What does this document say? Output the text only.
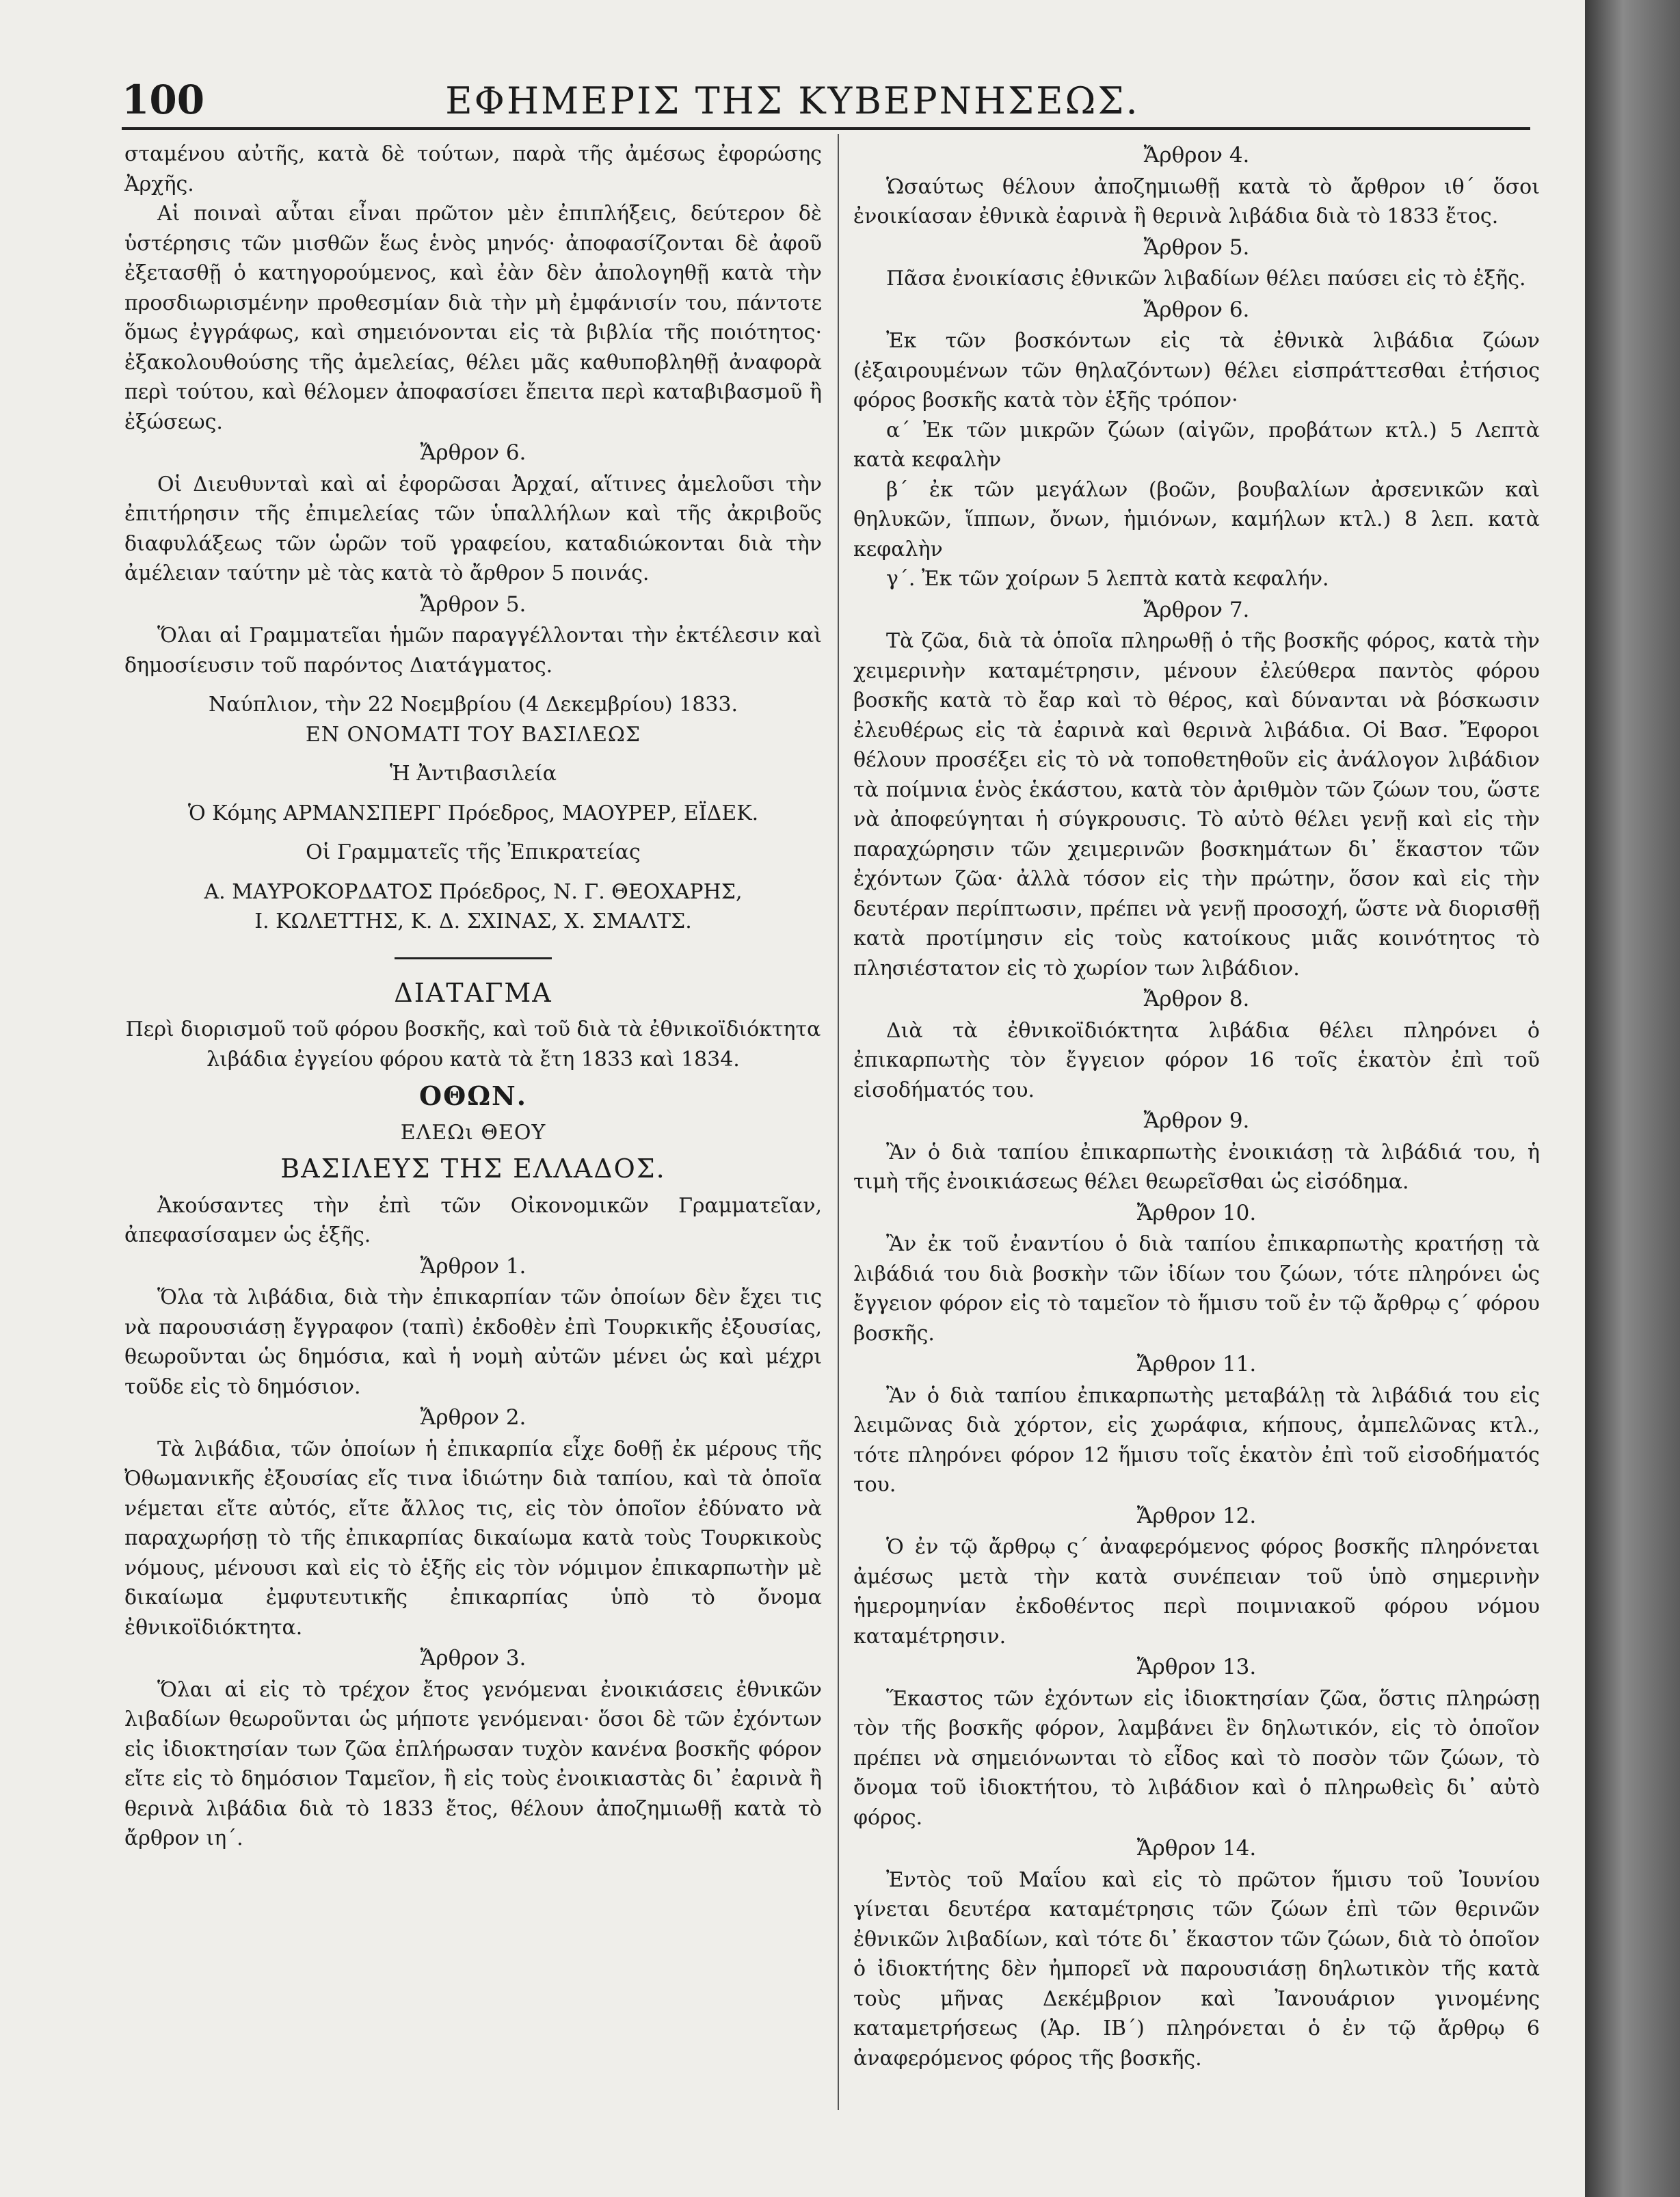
100	ΕΦΗΜΕΡΙΣ ΤΗΣ ΚΥΒΕΡΝΗΣΕΩΣ.

σταμένου αὐτῆς, κατὰ δὲ τούτων, παρὰ τῆς ἀμέσως ἐφορώσης Ἀρχῆς.

Αἱ ποιναὶ αὗται εἶναι πρῶτον μὲν ἐπιπλήξεις, δεύτερον δὲ ὑστέρησις τῶν μισθῶν ἕως ἑνὸς μηνός· ἀποφασίζονται δὲ ἀφοῦ ἐξετασθῇ ὁ κατηγορούμενος, καὶ ἐὰν δὲν ἀπολογηθῇ κατὰ τὴν προσδιωρισμένην προθεσμίαν διὰ τὴν μὴ ἐμφάνισίν του, πάντοτε ὅμως ἐγγράφως, καὶ σημειόνονται εἰς τὰ βιβλία τῆς ποιότητος· ἐξακολουθούσης τῆς ἀμελείας, θέλει μᾶς καθυποβληθῇ ἀναφορὰ περὶ τούτου, καὶ θέλομεν ἀποφασίσει ἔπειτα περὶ καταβιβασμοῦ ἢ ἐξώσεως.

Ἄρθρον 6.

Οἱ Διευθυνταὶ καὶ αἱ ἐφορῶσαι Ἀρχαί, αἵτινες ἀμελοῦσι τὴν ἐπιτήρησιν τῆς ἐπιμελείας τῶν ὑπαλλήλων καὶ τῆς ἀκριβοῦς διαφυλάξεως τῶν ὡρῶν τοῦ γραφείου, καταδιώκονται διὰ τὴν ἀμέλειαν ταύτην μὲ τὰς κατὰ τὸ ἄρθρον 5 ποινάς.

Ἄρθρον 5.

Ὅλαι αἱ Γραμματεῖαι ἡμῶν παραγγέλλονται τὴν ἐκτέλεσιν καὶ δημοσίευσιν τοῦ παρόντος Διατάγματος.

Ναύπλιον, τὴν 22 Νοεμβρίου (4 Δεκεμβρίου) 1833.

ΕΝ ΟΝΟΜΑΤΙ ΤΟΥ ΒΑΣΙΛΕΩΣ

Ἡ Ἀντιβασιλεία

Ὁ Κόμης ΑΡΜΑΝΣΠΕΡΓ Πρόεδρος, ΜΑΟΥΡΕΡ, ΕΪΔΕΚ.

Οἱ Γραμματεῖς τῆς Ἐπικρατείας

Α. ΜΑΥΡΟΚΟΡΔΑΤΟΣ Πρόεδρος, Ν. Γ. ΘΕΟΧΑΡΗΣ,

Ι. ΚΩΛΕΤΤΗΣ, Κ. Δ. ΣΧΙΝΑΣ, Χ. ΣΜΑΛΤΣ.

ΔΙΑΤΑΓΜΑ

Περὶ διορισμοῦ τοῦ φόρου βοσκῆς, καὶ τοῦ διὰ τὰ ἐθνικοϊδιόκτητα λιβάδια ἐγγείου φόρου κατὰ τὰ ἔτη 1833 καὶ 1834.

ΟΘΩΝ.

ΕΛΕΩι ΘΕΟΥ

ΒΑΣΙΛΕΥΣ ΤΗΣ ΕΛΛΑΔΟΣ.

Ἀκούσαντες τὴν ἐπὶ τῶν Οἰκονομικῶν Γραμματεῖαν, ἀπεφασίσαμεν ὡς ἑξῆς.

Ἄρθρον 1.

Ὅλα τὰ λιβάδια, διὰ τὴν ἐπικαρπίαν τῶν ὁποίων δὲν ἔχει τις νὰ παρουσιάσῃ ἔγγραφον (ταπὶ) ἐκδοθὲν ἐπὶ Τουρκικῆς ἐξουσίας, θεωροῦνται ὡς δημόσια, καὶ ἡ νομὴ αὐτῶν μένει ὡς καὶ μέχρι τοῦδε εἰς τὸ δημόσιον.

Ἄρθρον 2.

Τὰ λιβάδια, τῶν ὁποίων ἡ ἐπικαρπία εἶχε δοθῇ ἐκ μέρους τῆς Ὀθωμανικῆς ἐξουσίας εἴς τινα ἰδιώτην διὰ ταπίου, καὶ τὰ ὁποῖα νέμεται εἴτε αὐτός, εἴτε ἄλλος τις, εἰς τὸν ὁποῖον ἐδύνατο νὰ παραχωρήσῃ τὸ τῆς ἐπικαρπίας δικαίωμα κατὰ τοὺς Τουρκικοὺς νόμους, μένουσι καὶ εἰς τὸ ἑξῆς εἰς τὸν νόμιμον ἐπικαρπωτὴν μὲ δικαίωμα ἐμφυτευτικῆς ἐπικαρπίας ὑπὸ τὸ ὄνομα ἐθνικοϊδιόκτητα.

Ἄρθρον 3.

Ὅλαι αἱ εἰς τὸ τρέχον ἔτος γενόμεναι ἐνοικιάσεις ἐθνικῶν λιβαδίων θεωροῦνται ὡς μήποτε γενόμεναι· ὅσοι δὲ τῶν ἐχόντων εἰς ἰδιοκτησίαν των ζῶα ἐπλήρωσαν τυχὸν κανένα βοσκῆς φόρον εἴτε εἰς τὸ δημόσιον Ταμεῖον, ἢ εἰς τοὺς ἐνοικιαστὰς δι᾽ ἐαρινὰ ἢ θερινὰ λιβάδια διὰ τὸ 1833 ἔτος, θέλουν ἀποζημιωθῇ κατὰ τὸ ἄρθρον ιη΄.

Ἄρθρον 4.

Ὡσαύτως θέλουν ἀποζημιωθῇ κατὰ τὸ ἄρθρον ιθ΄ ὅσοι ἐνοικίασαν ἐθνικὰ ἐαρινὰ ἢ θερινὰ λιβάδια διὰ τὸ 1833 ἔτος.

Ἄρθρον 5.

Πᾶσα ἐνοικίασις ἐθνικῶν λιβαδίων θέλει παύσει εἰς τὸ ἑξῆς.

Ἄρθρον 6.

Ἐκ τῶν βοσκόντων εἰς τὰ ἐθνικὰ λιβάδια ζώων (ἐξαιρουμένων τῶν θηλαζόντων) θέλει εἰσπράττεσθαι ἐτήσιος φόρος βοσκῆς κατὰ τὸν ἑξῆς τρόπον·

α΄ Ἐκ τῶν μικρῶν ζώων (αἰγῶν, προβάτων κτλ.) 5 Λεπτὰ κατὰ κεφαλὴν

β΄ ἐκ τῶν μεγάλων (βοῶν, βουβαλίων ἀρσενικῶν καὶ θηλυκῶν, ἵππων, ὄνων, ἡμιόνων, καμήλων κτλ.) 8 λεπ. κατὰ κεφαλὴν

γ΄. Ἐκ τῶν χοίρων 5 λεπτὰ κατὰ κεφαλήν.

Ἄρθρον 7.

Τὰ ζῶα, διὰ τὰ ὁποῖα πληρωθῇ ὁ τῆς βοσκῆς φόρος, κατὰ τὴν χειμερινὴν καταμέτρησιν, μένουν ἐλεύθερα παντὸς φόρου βοσκῆς κατὰ τὸ ἔαρ καὶ τὸ θέρος, καὶ δύνανται νὰ βόσκωσιν ἐλευθέρως εἰς τὰ ἐαρινὰ καὶ θερινὰ λιβάδια. Οἱ Βασ. Ἔφοροι θέλουν προσέξει εἰς τὸ νὰ τοποθετηθοῦν εἰς ἀνάλογον λιβάδιον τὰ ποίμνια ἑνὸς ἑκάστου, κατὰ τὸν ἀριθμὸν τῶν ζώων του, ὥστε νὰ ἀποφεύγηται ἡ σύγκρουσις. Τὸ αὐτὸ θέλει γενῇ καὶ εἰς τὴν παραχώρησιν τῶν χειμερινῶν βοσκημάτων δι᾽ ἕκαστον τῶν ἐχόντων ζῶα· ἀλλὰ τόσον εἰς τὴν πρώτην, ὅσον καὶ εἰς τὴν δευτέραν περίπτωσιν, πρέπει νὰ γενῇ προσοχή, ὥστε νὰ διορισθῇ κατὰ προτίμησιν εἰς τοὺς κατοίκους μιᾶς κοινότητος τὸ πλησιέστατον εἰς τὸ χωρίον των λιβάδιον.

Ἄρθρον 8.

Διὰ τὰ ἐθνικοϊδιόκτητα λιβάδια θέλει πληρόνει ὁ ἐπικαρπωτὴς τὸν ἔγγειον φόρον 16 τοῖς ἑκατὸν ἐπὶ τοῦ εἰσοδήματός του.

Ἄρθρον 9.

Ἂν ὁ διὰ ταπίου ἐπικαρπωτὴς ἐνοικιάσῃ τὰ λιβάδιά του, ἡ τιμὴ τῆς ἐνοικιάσεως θέλει θεωρεῖσθαι ὡς εἰσόδημα.

Ἄρθρον 10.

Ἂν ἐκ τοῦ ἐναντίου ὁ διὰ ταπίου ἐπικαρπωτὴς κρατήσῃ τὰ λιβάδιά του διὰ βοσκὴν τῶν ἰδίων του ζώων, τότε πληρόνει ὡς ἔγγειον φόρον εἰς τὸ ταμεῖον τὸ ἥμισυ τοῦ ἐν τῷ ἄρθρῳ ς΄ φόρου βοσκῆς.

Ἄρθρον 11.

Ἂν ὁ διὰ ταπίου ἐπικαρπωτὴς μεταβάλῃ τὰ λιβάδιά του εἰς λειμῶνας διὰ χόρτον, εἰς χωράφια, κήπους, ἀμπελῶνας κτλ., τότε πληρόνει φόρον 12 ἥμισυ τοῖς ἑκατὸν ἐπὶ τοῦ εἰσοδήματός του.

Ἄρθρον 12.

Ὁ ἐν τῷ ἄρθρῳ ς΄ ἀναφερόμενος φόρος βοσκῆς πληρόνεται ἀμέσως μετὰ τὴν κατὰ συνέπειαν τοῦ ὑπὸ σημερινὴν ἡμερομηνίαν ἐκδοθέντος περὶ ποιμνιακοῦ φόρου νόμου καταμέτρησιν.

Ἄρθρον 13.

Ἕκαστος τῶν ἐχόντων εἰς ἰδιοκτησίαν ζῶα, ὅστις πληρώσῃ τὸν τῆς βοσκῆς φόρον, λαμβάνει ἓν δηλωτικόν, εἰς τὸ ὁποῖον πρέπει νὰ σημειόνωνται τὸ εἶδος καὶ τὸ ποσὸν τῶν ζώων, τὸ ὄνομα τοῦ ἰδιοκτήτου, τὸ λιβάδιον καὶ ὁ πληρωθεὶς δι᾽ αὐτὸ φόρος.

Ἄρθρον 14.

Ἐντὸς τοῦ Μαΐου καὶ εἰς τὸ πρῶτον ἥμισυ τοῦ Ἰουνίου γίνεται δευτέρα καταμέτρησις τῶν ζώων ἐπὶ τῶν θερινῶν ἐθνικῶν λιβαδίων, καὶ τότε δι᾽ ἕκαστον τῶν ζώων, διὰ τὸ ὁποῖον ὁ ἰδιοκτήτης δὲν ἠμπορεῖ νὰ παρουσιάσῃ δηλωτικὸν τῆς κατὰ τοὺς μῆνας Δεκέμβριον καὶ Ἰανουάριον γινομένης καταμετρήσεως (Ἀρ. ΙΒ΄) πληρόνεται ὁ ἐν τῷ ἄρθρῳ 6 ἀναφερόμενος φόρος τῆς βοσκῆς.
